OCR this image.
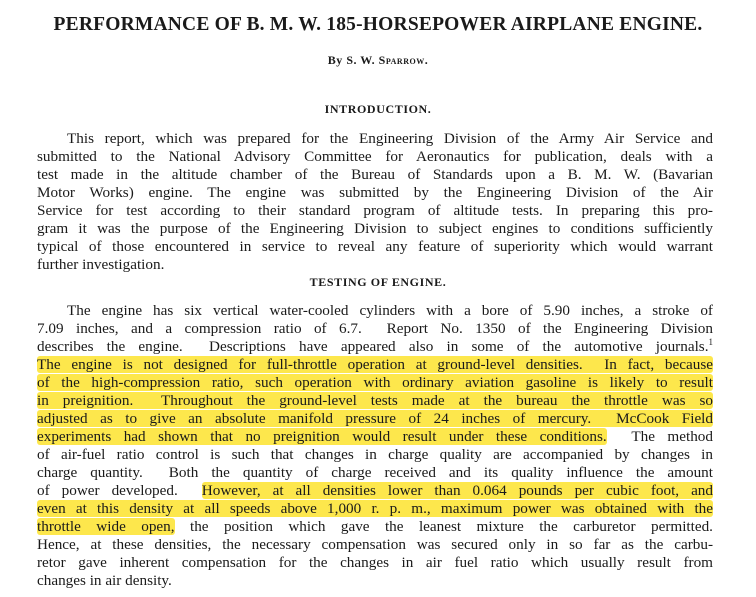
PERFORMANCE OF B. M. W. 185-HORSEPOWER AIRPLANE ENGINE.
By S. W. Sparrow.
INTRODUCTION.
This report, which was prepared for the Engineering Division of the Army Air Service and
submitted to the National Advisory Committee for Aeronautics for publication, deals with a
test made in the altitude chamber of the Bureau of Standards upon a B. M. W. (Bavarian
Motor Works) engine. The engine was submitted by the Engineering Division of the Air
Service for test according to their standard program of altitude tests. In preparing this pro-
gram it was the purpose of the Engineering Division to subject engines to conditions sufficiently
typical of those encountered in service to reveal any feature of superiority which would warrant
further investigation.
TESTING OF ENGINE.
The engine has six vertical water-cooled cylinders with a bore of 5.90 inches, a stroke of
7.09 inches, and a compression ratio of 6.7.  Report No. 1350 of the Engineering Division
describes the engine.  Descriptions have appeared also in some of the automotive journals.$^1$
The engine is not designed for full-throttle operation at ground-level densities.  In fact, because
of the high-compression ratio, such operation with ordinary aviation gasoline is likely to result
in preignition.  Throughout the ground-level tests made at the bureau the throttle was so
adjusted as to give an absolute manifold pressure of 24 inches of mercury.  McCook Field
experiments had shown that no preignition would result under these conditions.  The method
of air-fuel ratio control is such that changes in charge quality are accompanied by changes in
charge quantity.  Both the quantity of charge received and its quality influence the amount
of power developed.  However, at all densities lower than 0.064 pounds per cubic foot, and
even at this density at all speeds above 1,000 r. p. m., maximum power was obtained with the
throttle wide open, the position which gave the leanest mixture the carburetor permitted.
Hence, at these densities, the necessary compensation was secured only in so far as the carbu-
retor gave inherent compensation for the changes in air fuel ratio which usually result from
changes in air density.
